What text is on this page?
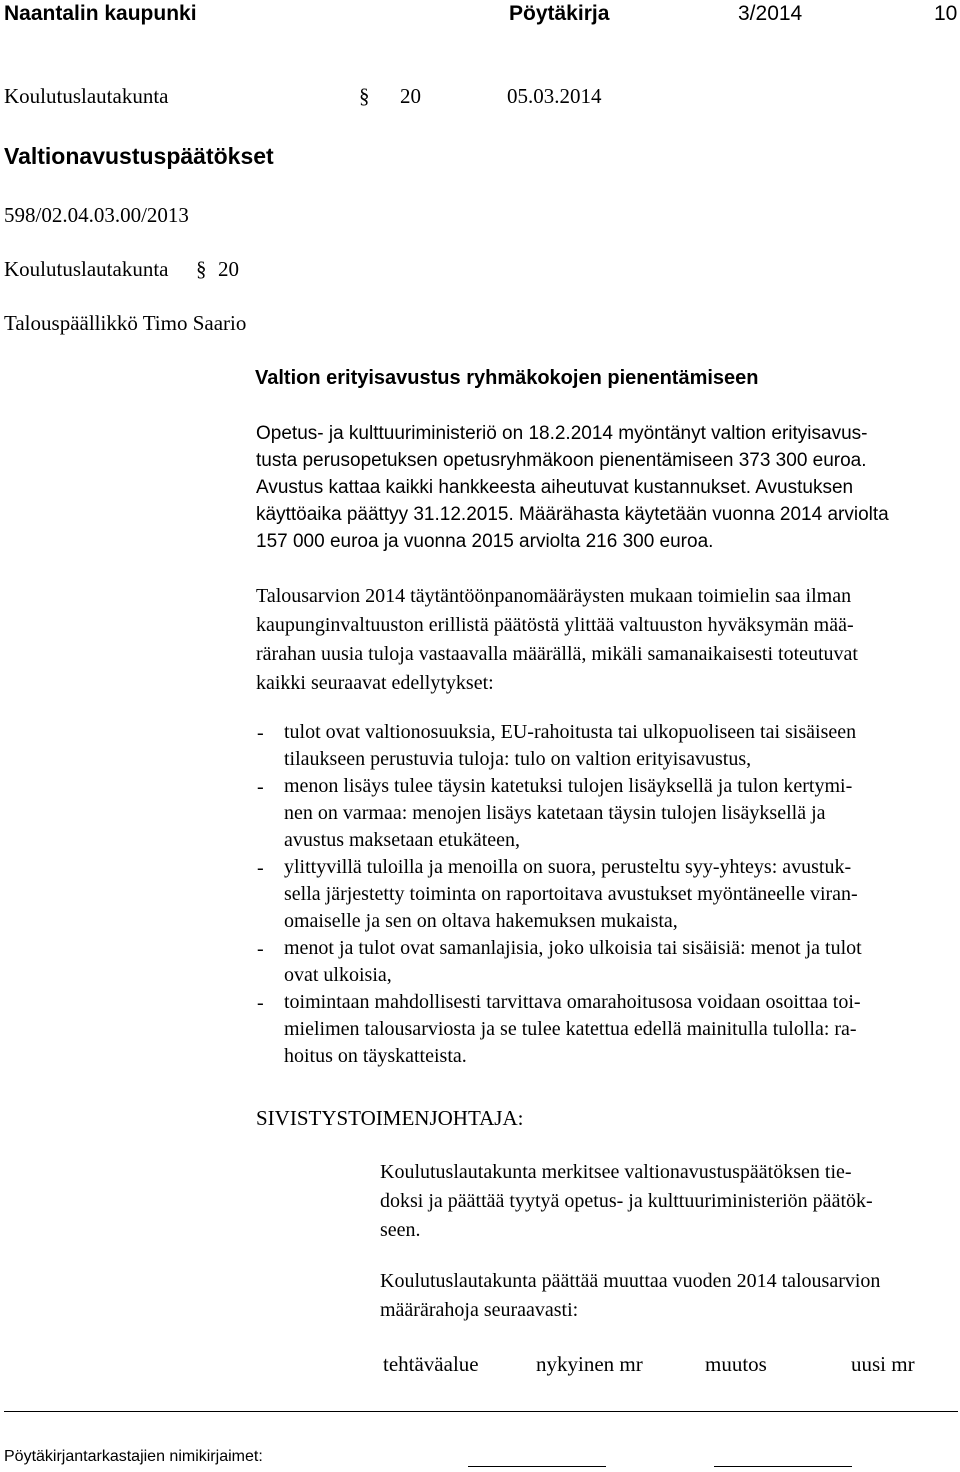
Naantalin kaupunki	Pöytäkirja	3/2014	10
Koulutuslautakunta	§ 20	05.03.2014
Valtionavustuspäätökset
598/02.04.03.00/2013
Koulutuslautakunta § 20
Talouspäällikkö Timo Saario
Valtion erityisavustus ryhmäkokojen pienentämiseen
Opetus- ja kulttuuriministeriö on 18.2.2014 myöntänyt valtion erityisavus-
tusta perusopetuksen opetusryhmäkoon pienentämiseen 373 300 euroa.
Avustus kattaa kaikki hankkeesta aiheutuvat kustannukset. Avustuksen
käyttöaika päättyy 31.12.2015. Määrähasta käytetään vuonna 2014 arviolta
157 000 euroa ja vuonna 2015 arviolta 216 300 euroa.
Talousarvion 2014 täytäntöönpanomääräysten mukaan toimielin saa ilman
kaupunginvaltuuston erillistä päätöstä ylittää valtuuston hyväksymän mää-
rärahan uusia tuloja vastaavalla määrällä, mikäli samanaikaisesti toteutuvat
kaikki seuraavat edellytykset:
- tulot ovat valtionosuuksia, EU-rahoitusta tai ulkopuoliseen tai sisäiseen
tilaukseen perustuvia tuloja: tulo on valtion erityisavustus,
- menon lisäys tulee täysin katetuksi tulojen lisäyksellä ja tulon kertymi-
nen on varmaa: menojen lisäys katetaan täysin tulojen lisäyksellä ja
avustus maksetaan etukäteen,
- ylittyvillä tuloilla ja menoilla on suora, perusteltu syy-yhteys: avustuk-
sella järjestetty toiminta on raportoitava avustukset myöntäneelle viran-
omaiselle ja sen on oltava hakemuksen mukaista,
- menot ja tulot ovat samanlajisia, joko ulkoisia tai sisäisiä: menot ja tulot
ovat ulkoisia,
- toimintaan mahdollisesti tarvittava omarahoitusosa voidaan osoittaa toi-
mielimen talousarviosta ja se tulee katettua edellä mainitulla tulolla: ra-
hoitus on täyskatteista.
SIVISTYSTOIMENJOHTAJA:
Koulutuslautakunta merkitsee valtionavustuspäätöksen tie-
doksi ja päättää tyytyä opetus- ja kulttuuriministeriön päätök-
seen.
Koulutuslautakunta päättää muuttaa vuoden 2014 talousarvion
määrärahoja seuraavasti:
tehtäväalue	nykyinen mr	muutos	uusi mr
Pöytäkirjantarkastajien nimikirjaimet:
